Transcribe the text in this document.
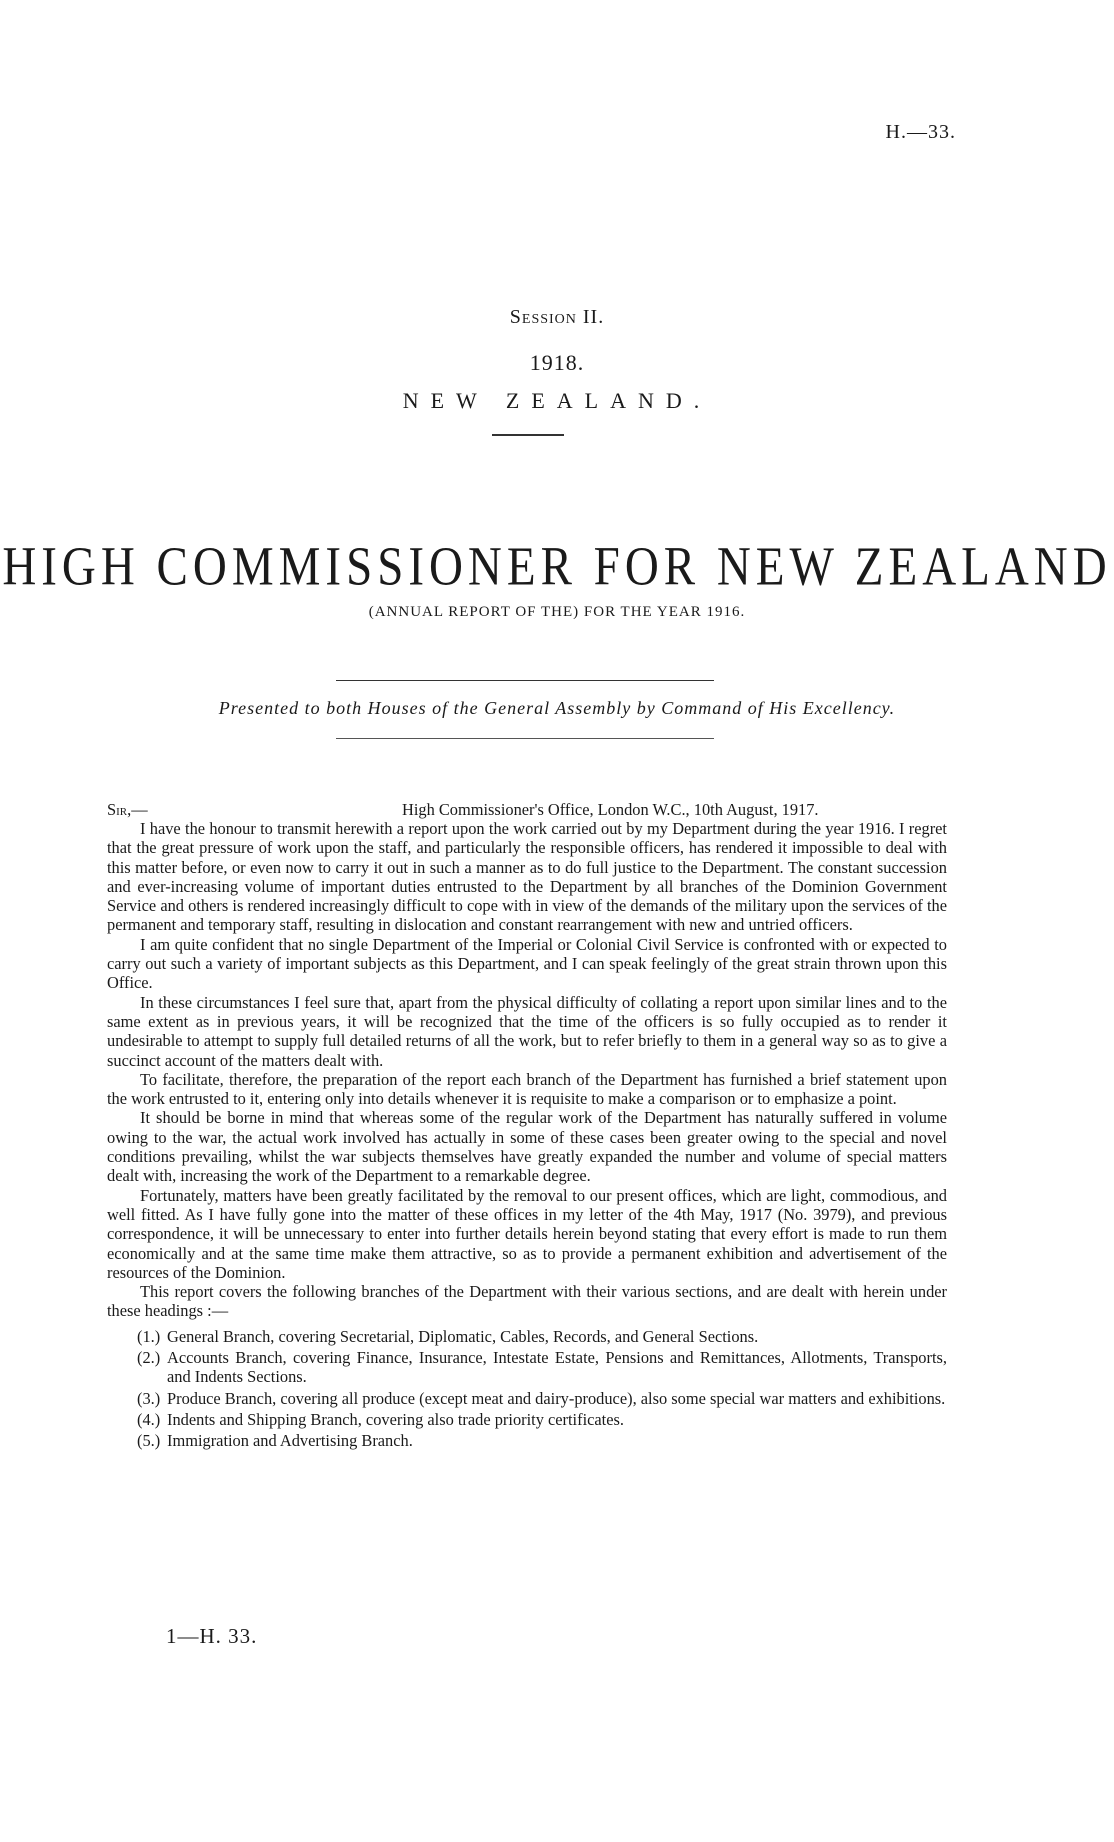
H.—33.
Session II.
1918.
NEW ZEALAND.
HIGH COMMISSIONER FOR NEW ZEALAND
(ANNUAL REPORT OF THE) FOR THE YEAR 1916.
Presented to both Houses of the General Assembly by Command of His Excellency.
Sir,—	High Commissioner's Office, London W.C., 10th August, 1917.

I have the honour to transmit herewith a report upon the work carried out by my Department during the year 1916. I regret that the great pressure of work upon the staff, and particularly the responsible officers, has rendered it impossible to deal with this matter before, or even now to carry it out in such a manner as to do full justice to the Department. The constant succession and ever-increasing volume of important duties entrusted to the Department by all branches of the Dominion Government Service and others is rendered increasingly difficult to cope with in view of the demands of the military upon the services of the permanent and temporary staff, resulting in dislocation and constant rearrangement with new and untried officers.

I am quite confident that no single Department of the Imperial or Colonial Civil Service is confronted with or expected to carry out such a variety of important subjects as this Department, and I can speak feelingly of the great strain thrown upon this Office.

In these circumstances I feel sure that, apart from the physical difficulty of collating a report upon similar lines and to the same extent as in previous years, it will be recognized that the time of the officers is so fully occupied as to render it undesirable to attempt to supply full detailed returns of all the work, but to refer briefly to them in a general way so as to give a succinct account of the matters dealt with.

To facilitate, therefore, the preparation of the report each branch of the Department has furnished a brief statement upon the work entrusted to it, entering only into details whenever it is requisite to make a comparison or to emphasize a point.

It should be borne in mind that whereas some of the regular work of the Department has naturally suffered in volume owing to the war, the actual work involved has actually in some of these cases been greater owing to the special and novel conditions prevailing, whilst the war subjects themselves have greatly expanded the number and volume of special matters dealt with, increasing the work of the Department to a remarkable degree.

Fortunately, matters have been greatly facilitated by the removal to our present offices, which are light, commodious, and well fitted. As I have fully gone into the matter of these offices in my letter of the 4th May, 1917 (No. 3979), and previous correspondence, it will be unnecessary to enter into further details herein beyond stating that every effort is made to run them economically and at the same time make them attractive, so as to provide a permanent exhibition and advertisement of the resources of the Dominion.

This report covers the following branches of the Department with their various sections, and are dealt with herein under these headings :—

(1.) General Branch, covering Secretarial, Diplomatic, Cables, Records, and General Sections.
(2.) Accounts Branch, covering Finance, Insurance, Intestate Estate, Pensions and Remittances, Allotments, Transports, and Indents Sections.
(3.) Produce Branch, covering all produce (except meat and dairy-produce), also some special war matters and exhibitions.
(4.) Indents and Shipping Branch, covering also trade priority certificates.
(5.) Immigration and Advertising Branch.
1—H. 33.
